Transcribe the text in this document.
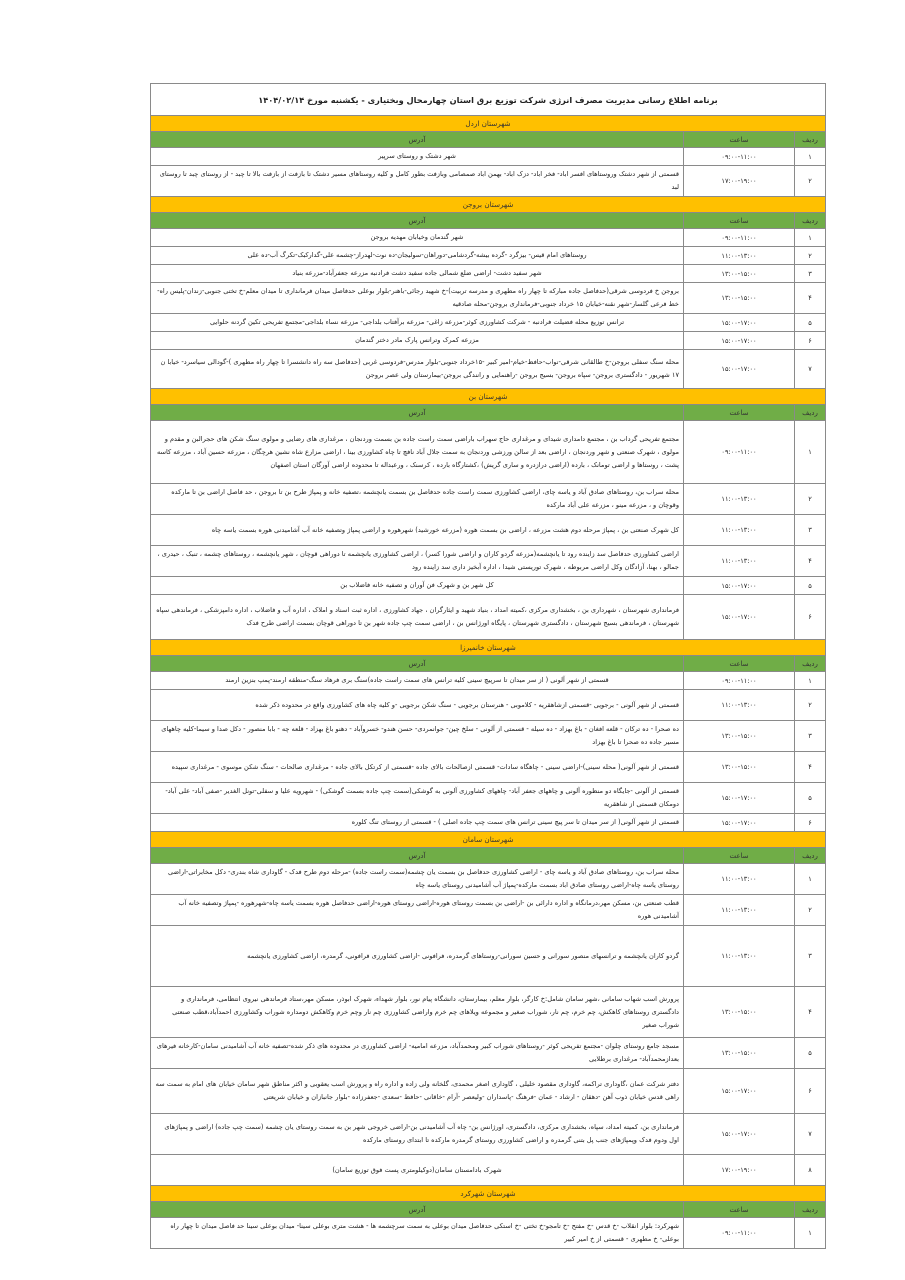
برنامه اطلاع رسانی مدیریت مصرف انرژی شرکت توزیع برق استان چهارمحال وبختیاری - یکشنبه مورخ ۱۴۰۴/۰۲/۱۴
شهرستان اردل
ردیف
ساعت
آدرس
۱
۰۹:۰۰-۱۱:۰۰
شهر دشتک و روستای سرپیر
۲
۱۷:۰۰-۱۹:۰۰
قسمتی از شهر دشتک وروستاهای افسر اباد- فخر اباد- دزک اباد- بهمن اباد صمصامی وبازفت بطور کامل و کلیه روستاهای مسیر دشتک تا بازفت از بازفت بالا تا چبد - از روستای چبد تا روستای لبد
شهرستان بروجن
ردیف
ساعت
آدرس
۱
۰۹:۰۰-۱۱:۰۰
شهر گندمان وخیابان مهدیه بروجن
۲
۱۱:۰۰-۱۳:۰۰
روستاهای امام قیس- بیزگرد -گرده بیشه-گردشامی-دوراهان-سولیجان-ده نوت-لهدراز-چشمه علی-گدارکبک-تکرگ آب-ده علی
۳
۱۳:۰۰-۱۵:۰۰
شهر سفید دشت- اراضی ضلع شمالی جاده سفید دشت فرادنبه مزرعه جعفرآباد-مزرعه بنیاد
۴
۱۳:۰۰-۱۵:۰۰
بروجن خ فردوسی شرقی(حدفاصل جاده مبارکه تا چهار راه مطهری و مدرسه تربیت)-خ شهید رجائی-باهنر-بلوار بوعلی حدفاصل میدان فرمانداری تا میدان معلم-خ تختی جنوبی-زندان-پلیس راه-خط فرعی گلسار-شهر نقنه-خیابان ۱۵ خرداد جنوبی-فرمانداری بروجن-محله صادقیه
۵
۱۵:۰۰-۱۷:۰۰
ترانس توزیع محله فضیلت فرادنبه - شرکت کشاورزی کوثر-مزرعه زاغی- مزرعه برآفتاب بلداجی- مزرعه نساء بلداجی-مجتمع تفریحی تکین گردنه حلوایی
۶
۱۵:۰۰-۱۷:۰۰
مزرعه کمرک وترانس پارک مادر دختر گندمان
۷
۱۵:۰۰-۱۷:۰۰
محله سنگ سفلی بروجن-خ طالقانی شرقی-نواب-حافظ-خیام-امیر کبیر -۱۵خرداد جنوبی-بلوار مدرس-فردوسی غربی (حدفاصل سه راه دانشسرا تا چهار راه مطهری )-گودالی سیاسرد- خیابا ن ۱۷ شهریور - دادگستری بروجن- سپاه بروجن- بسیج بروجن -راهنمایی و رانندگی بروجن-بیمارستان ولی عصر بروجن
شهرستان بن
ردیف
ساعت
آدرس
۱
۰۹:۰۰-۱۱:۰۰
مجتمع تفریحی گرداب بن ، مجتمع دامداری شیدای و مرغداری حاج سهراب باراضی سمت راست جاده بن بسمت وردنجان ، مرغداری های رضایی و مولوی سنگ شکن های حجرالبن و مقدم و مولوی ، شهرک صنعتی و شهر وردنجان ، اراضی بعد از سالن ورزشی وردنجان به سمت جلال آباد نافچ تا چاه کشاورزی بینا ، اراضی مزارع شاه نشین هرچگان ، مزرعه حسین آباد ، مزرعه کاسه پشت ، روستاها و اراضی تومانک ، بارده (اراضی درازدره و ساری گریش) ،کشتارگاه بارده ، کرسنک ، ورعبداله تا محدوده اراضی آورگان استان اصفهان
۲
۱۱:۰۰-۱۳:۰۰
محله سراب بن، روستاهای صادق آباد و یاسه چای، اراضی کشاورزی سمت راست جاده حدفاصل بن بسمت یانچشمه ،تصفیه خانه و پمپاژ طرح بن تا بروجن ، حد فاصل اراضی بن تا مارکده وقوچان و ، مزرعه مینو ، مزرعه علی آباد مارکده
۳
۱۱:۰۰-۱۳:۰۰
کل شهرک صنعتی بن ، پمپاژ مرحله دوم هشت مزرعه ، اراضی بن بسمت هوره (مزرعه خورشید) شهرهوره و اراضی پمپاژ وتصفیه خانه آب آشامیدنی هوره بسمت یاسه چاه
۴
۱۱:۰۰-۱۳:۰۰
اراضی کشاورزی حدفاصل سد زاینده رود تا یانچشمه(مزرعه گردو کاران و اراضی شورا کسر) ، اراضی کشاورزی یانچشمه تا دوراهی قوچان ، شهر یانچشمه ، روستاهای چشمه ، تنبک ، حیدری ، جمالو ، بهنا، آزادگان وکل اراضی مربوطه ، شهرک توریستی شیدا ، اداره آبخیز داری سد زاینده رود
۵
۱۵:۰۰-۱۷:۰۰
کل شهر بن و شهرک فن آوران و تصفیه خانه فاضلاب بن
۶
۱۵:۰۰-۱۷:۰۰
فرمانداری شهرستان ، شهرداری بن ، بخشداری مرکزی ،کمیته امداد ، بنیاد شهید و ایثارگران ، جهاد کشاورزی ، اداره ثبت اسناد و املاک ، اداره آب و فاضلاب ، اداره دامپزشکی ، فرماندهی سپاه شهرستان ، فرماندهی بسیج شهرستان ، دادگستری شهرستان ، پایگاه اورژانس بن ، اراضی سمت چپ جاده شهر بن تا دوراهی قوچان بسمت اراضی طرح فدک
شهرستان خانمیرزا
ردیف
ساعت
آدرس
۱
۰۹:۰۰-۱۱:۰۰
قسمتی از شهر آلونی ( از سر میدان تا سرپیچ سینی کلیه ترانس های سمت راست جاده)سنگ بری فرهاد سنگ-منطقه ارمند-پمپ بنزین ارمند
۲
۱۱:۰۰-۱۳:۰۰
قسمتی از شهر آلونی - برجویی -قسمتی ازشاهقریه - کلاموبی - هنرستان برجویی - سنگ شکن برجویی -و کلیه چاه های کشاورزی واقع در محدوده ذکر شده
۳
۱۳:۰۰-۱۵:۰۰
ده صحرا - ده ترکان - قلعه افغان - باغ بهزاد - ده سیله - قسمتی از آلونی - سلخ چین- جوانمردی- حسن هندو- خسروآباد - دهنو باغ بهزاد - قلعه چه - بابا منصور - دکل صدا و سیما-کلیه چاههای مسیر جاده ده صحرا تا باغ بهزاد
۴
۱۳:۰۰-۱۵:۰۰
قسمتی از شهر آلونی( محله سینی)-اراضی سینی - چاهگاه سادات- قسمتی ازصالحات بالای جاده -قسمتی از کرتکل بالای جاده - مرغداری صالحات - سنگ شکن موسوی - مرغداری سپیده
۵
۱۵:۰۰-۱۷:۰۰
قسمتی از آلونی -جایگاه دو منظوره آلونی و چاههای جعفر آباد- چاههای کشاورزی آلونی به گوشکی(سمت چپ جاده بسمت گوشکی) - شهرویه علیا و سفلی-تونل الغدیر -صفی آباد- علی آباد-دومکان قسمتی از شاهقریه
۶
۱۵:۰۰-۱۷:۰۰
قسمتی از شهر آلونی( از سر میدان تا سر پیچ سینی ترانس های سمت چپ جاده اصلی ) - قسمتی از روستای تنگ کلوره
شهرستان سامان
ردیف
ساعت
آدرس
۱
۱۱:۰۰-۱۳:۰۰
محله سراب بن، روستاهای صادق آباد و یاسه چای - اراضی کشاورزی حدفاصل بن بسمت یان چشمه(سمت راست جاده) -مرحله دوم طرح فدک - گاوداری شاه بندری- دکل مخابراتی-اراضی روستای یاسه چاه-اراضی روستای صادق اباد بسمت مارکده-پمپاژ آب آشامیدنی روستای یاسه چاه
۲
۱۱:۰۰-۱۳:۰۰
قطب صنعتی بن، مسکن مهر،درمانگاه و اداره دارائی بن -اراضی بن بسمت روستای هوره-اراضی روستای هوره-اراضی حدفاصل هوره بسمت یاسه چاه-شهرهوره -پمپاژ وتصفیه خانه آب آشامیدنی هوره
۳
۱۱:۰۰-۱۳:۰۰
گردو کاران یانچشمه و ترانسهای منصور سورانی و حسین سورانی-روستاهای گرمدره، فرافونی -اراضی کشاورزی فرافونی، گرمدره، اراضی کشاورزی یانچشمه
۴
۱۳:۰۰-۱۵:۰۰
پرورش اسب شهاب سامانی ،شهر سامان شامل:خ کارگر، بلوار معلم، بیمارستان، دانشگاه پیام نور، بلوار شهداء، شهرک ابوذر، مسکن مهر،ستاد فرماندهی نیروی انتظامی، فرمانداری و دادگستری روستاهای کاهکش، چم خرم، چم نار، شوراب صغیر و مجموعه ویلاهای چم خرم واراضی کشاورزی چم نار وچم خرم وکاهکش دومداره شوراب وکشاورزی احمدآباد،قطب صنعتی شوراب صغیر
۵
۱۳:۰۰-۱۵:۰۰
مسجد جامع روستای چلوان -مجتمع تفریحی کوثر -روستاهای شوراب کبیر ومحمدآباد، مزرعه امامیه- اراضی کشاورزی در محدوده های ذکر شده-تصفیه خانه آب آشامیدنی سامان-کارخانه فیرهای بعدازمحمدآباد- مرغداری برطلایی
۶
۱۵:۰۰-۱۷:۰۰
دفتر شرکت عمان ،گاوداری تراکمه، گاوداری مقصود خلیلی ، گاوداری اصغر محمدی، گلخانه ولی زاده و اداره راه و پرورش اسب یعقوبی و اکثر مناطق شهر سامان خیابان های امام به سمت سه راهی قدس خیابان ذوب آهن -دهقان - ارشاد - عمان -فرهنگ -پاسداران -ولیعصر -آرام -خاقانی -حافظ -سعدی -جعفرزاده -بلوار جانبازان و خیابان شریعتی
۷
۱۵:۰۰-۱۷:۰۰
فرمانداری بن، کمیته امداد، سپاه، بخشداری مرکزی، دادگستری، اورژانس بن- چاه آب آشامیدنی بن-اراضی خروجی شهر بن به سمت روستای یان چشمه (سمت چپ جاده) اراضی و پمپاژهای اول ودوم فدک وپمپاژهای جنب پل بتنی گرمدره و اراضی کشاورزی روستای گرمدره مارکده تا ابتدای روستای مارکده
۸
۱۷:۰۰-۱۹:۰۰
شهرک بادامستان سامان(دوکیلومتری پست فوق توزیع سامان)
شهرستان شهرکرد
ردیف
ساعت
آدرس
۱
۰۹:۰۰-۱۱:۰۰
شهرکرد: بلوار انقلاب -خ قدس -خ مفتح -خ تامجو-خ تختی -خ استکی حدفاصل میدان بوعلی به سمت سرچشمه ها - هشت متری بوعلی سینا- میدان بوعلی سینا حد فاصل میدان تا چهار راه بوعلی- خ مطهری - قسمتی از خ امیر کبیر
